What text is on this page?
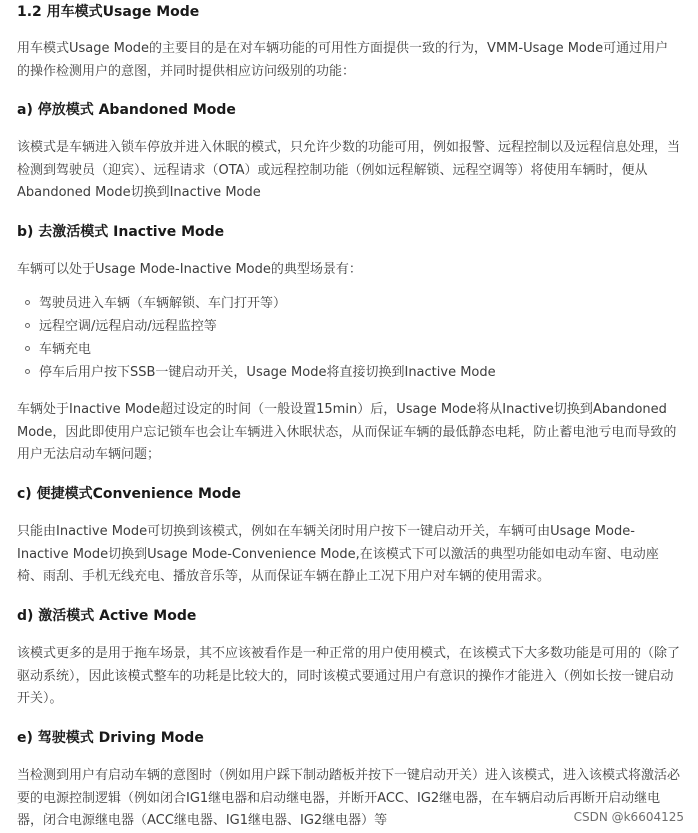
1.2 用车模式Usage Mode

用车模式Usage Mode的主要目的是在对车辆功能的可用性方面提供一致的行为，VMM-Usage Mode可通过用户的操作检测用户的意图，并同时提供相应访问级别的功能：

a) 停放模式 Abandoned Mode

该模式是车辆进入锁车停放并进入休眠的模式，只允许少数的功能可用，例如报警、远程控制以及远程信息处理，当检测到驾驶员（迎宾）、远程请求（OTA）或远程控制功能（例如远程解锁、远程空调等）将使用车辆时，便从Abandoned Mode切换到Inactive Mode

b) 去激活模式 Inactive Mode

车辆可以处于Usage Mode-Inactive Mode的典型场景有：

驾驶员进入车辆（车辆解锁、车门打开等）
远程空调/远程启动/远程监控等
车辆充电
停车后用户按下SSB一键启动开关，Usage Mode将直接切换到Inactive Mode

车辆处于Inactive Mode超过设定的时间（一般设置15min）后，Usage Mode将从Inactive切换到Abandoned Mode，因此即使用户忘记锁车也会让车辆进入休眠状态，从而保证车辆的最低静态电耗，防止蓄电池亏电而导致的用户无法启动车辆问题；

c) 便捷模式Convenience Mode

只能由Inactive Mode可切换到该模式，例如在车辆关闭时用户按下一键启动开关，车辆可由Usage Mode-Inactive Mode切换到Usage Mode-Convenience Mode,在该模式下可以激活的典型功能如电动车窗、电动座椅、雨刮、手机无线充电、播放音乐等，从而保证车辆在静止工况下用户对车辆的使用需求。

d) 激活模式 Active Mode

该模式更多的是用于拖车场景，其不应该被看作是一种正常的用户使用模式，在该模式下大多数功能是可用的（除了驱动系统），因此该模式整车的功耗是比较大的，同时该模式要通过用户有意识的操作才能进入（例如长按一键启动开关）。

e) 驾驶模式 Driving Mode

当检测到用户有启动车辆的意图时（例如用户踩下制动踏板并按下一键启动开关）进入该模式，进入该模式将激活必要的电源控制逻辑（例如闭合IG1继电器和启动继电器，并断开ACC、IG2继电器，在车辆启动后再断开启动继电器，闭合电源继电器（ACC继电器、IG1继电器、IG2继电器）等	CSDN @k6604125
